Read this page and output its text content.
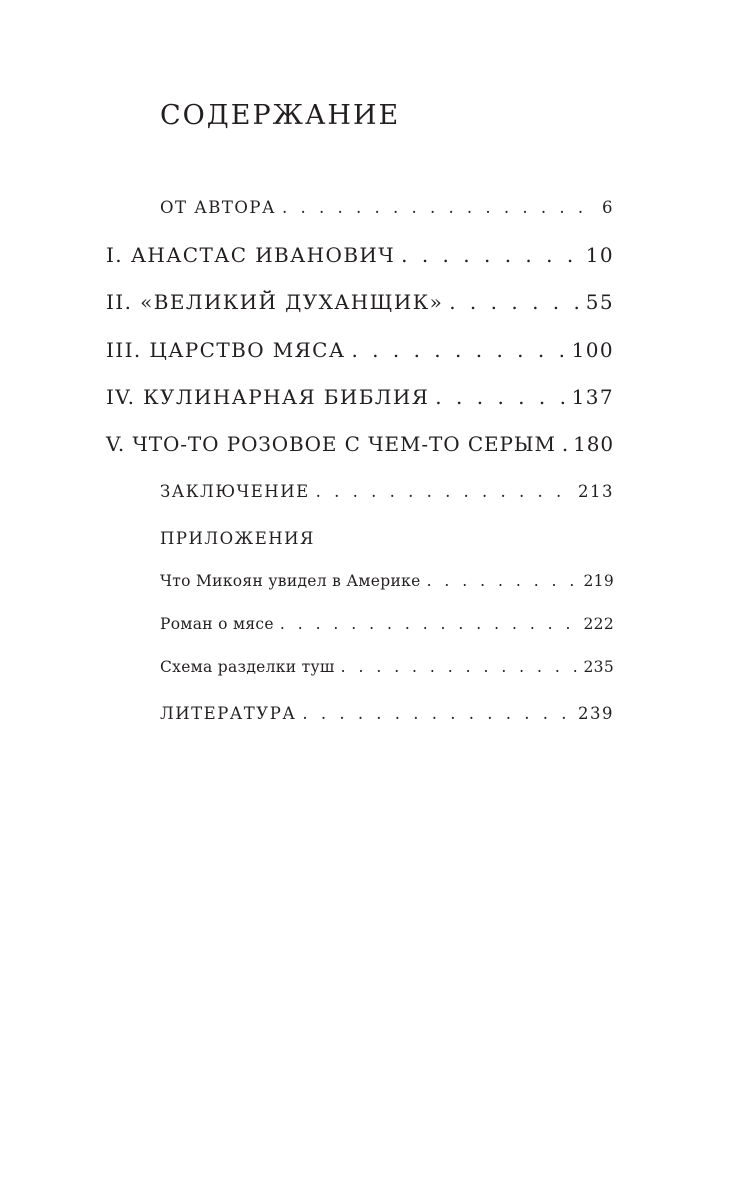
СОДЕРЖАНИЕ
ОТ АВТОРА . . .	6
I. АНАСТАС ИВАНОВИЧ . . .	10
II. «ВЕЛИКИЙ ДУХАНЩИК» . . .	55
III. ЦАРСТВО МЯСА . . .	100
IV. КУЛИНАРНАЯ БИБЛИЯ . . .	137
V. ЧТО-ТО РОЗОВОЕ С ЧЕМ-ТО СЕРЫМ . . . 180
ЗАКЛЮЧЕНИЕ . . .	213
ПРИЛОЖЕНИЯ
Что Микоян увидел в Америке . . .	219
Роман о мясе . . .	222
Схема разделки туш . . .	235
ЛИТЕРАТУРА . . .	239
